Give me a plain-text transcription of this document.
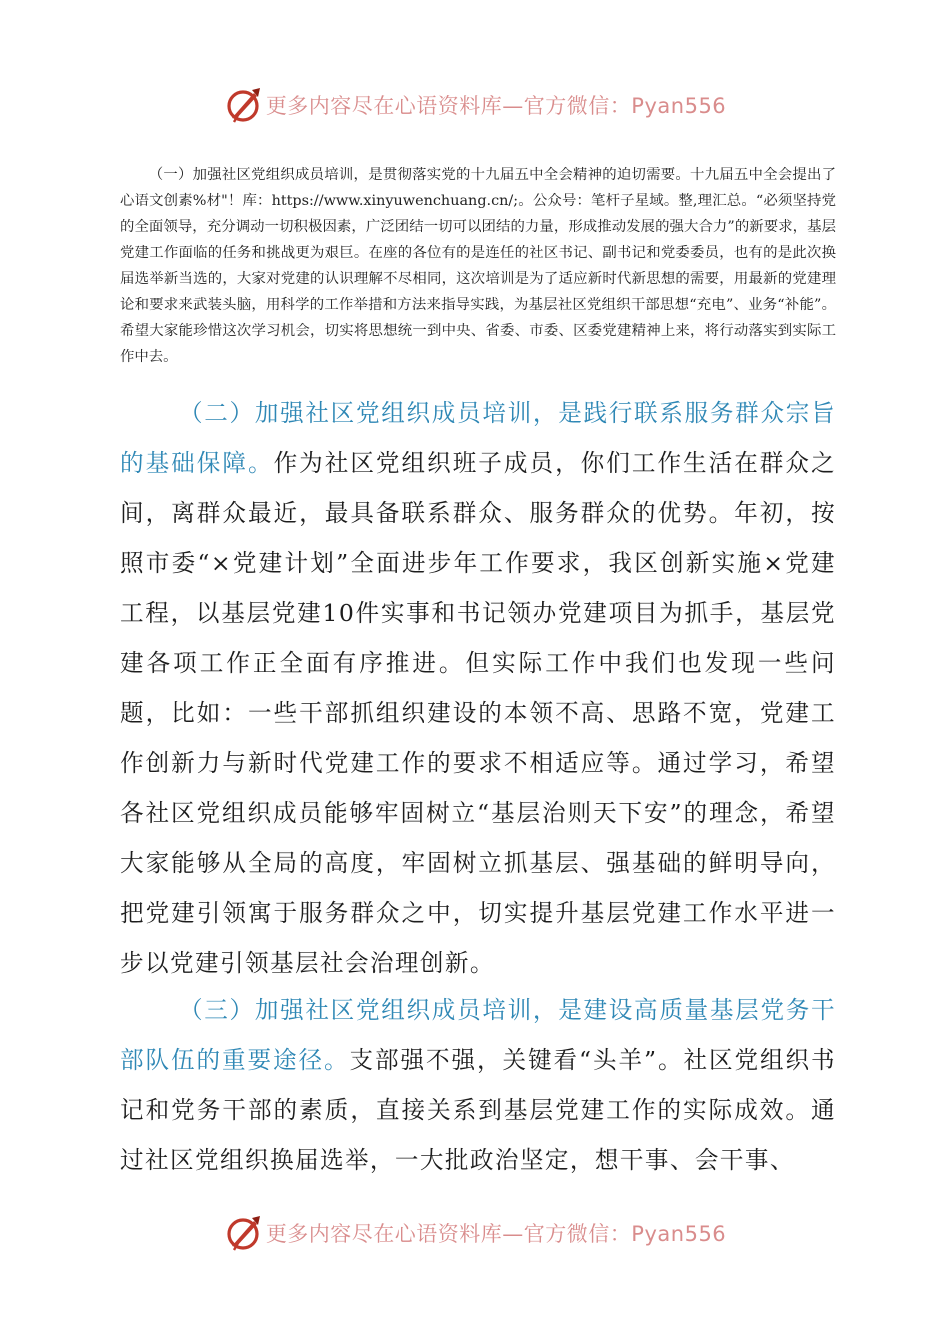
更多内容尽在心语资料库—官方微信：Pyan556

（一）加强社区党组织成员培训，是贯彻落实党的十九届五中全会精神的迫切需要。十九届五中全会提出了心语文创素%材"！库：https://www.xinyuwenchuang.cn/;。公众号：笔杆子星域。整,理汇总。“必须坚持党的全面领导，充分调动一切积极因素，广泛团结一切可以团结的力量，形成推动发展的强大合力”的新要求，基层党建工作面临的任务和挑战更为艰巨。在座的各位有的是连任的社区书记、副书记和党委委员，也有的是此次换届选举新当选的，大家对党建的认识理解不尽相同，这次培训是为了适应新时代新思想的需要，用最新的党建理论和要求来武装头脑，用科学的工作举措和方法来指导实践，为基层社区党组织干部思想“充电”、业务“补能”。希望大家能珍惜这次学习机会，切实将思想统一到中央、省委、市委、区委党建精神上来，将行动落实到实际工作中去。

（二）加强社区党组织成员培训，是践行联系服务群众宗旨的基础保障。作为社区党组织班子成员，你们工作生活在群众之间，离群众最近，最具备联系群众、服务群众的优势。年初，按照市委“×党建计划”全面进步年工作要求，我区创新实施×党建工程，以基层党建10件实事和书记领办党建项目为抓手，基层党建各项工作正全面有序推进。但实际工作中我们也发现一些问题，比如：一些干部抓组织建设的本领不高、思路不宽，党建工作创新力与新时代党建工作的要求不相适应等。通过学习，希望各社区党组织成员能够牢固树立“基层治则天下安”的理念，希望大家能够从全局的高度，牢固树立抓基层、强基础的鲜明导向，把党建引领寓于服务群众之中，切实提升基层党建工作水平进一步以党建引领基层社会治理创新。

（三）加强社区党组织成员培训，是建设高质量基层党务干部队伍的重要途径。支部强不强，关键看“头羊”。社区党组织书记和党务干部的素质，直接关系到基层党建工作的实际成效。通过社区党组织换届选举，一大批政治坚定，想干事、会干事、

更多内容尽在心语资料库—官方微信：Pyan556
